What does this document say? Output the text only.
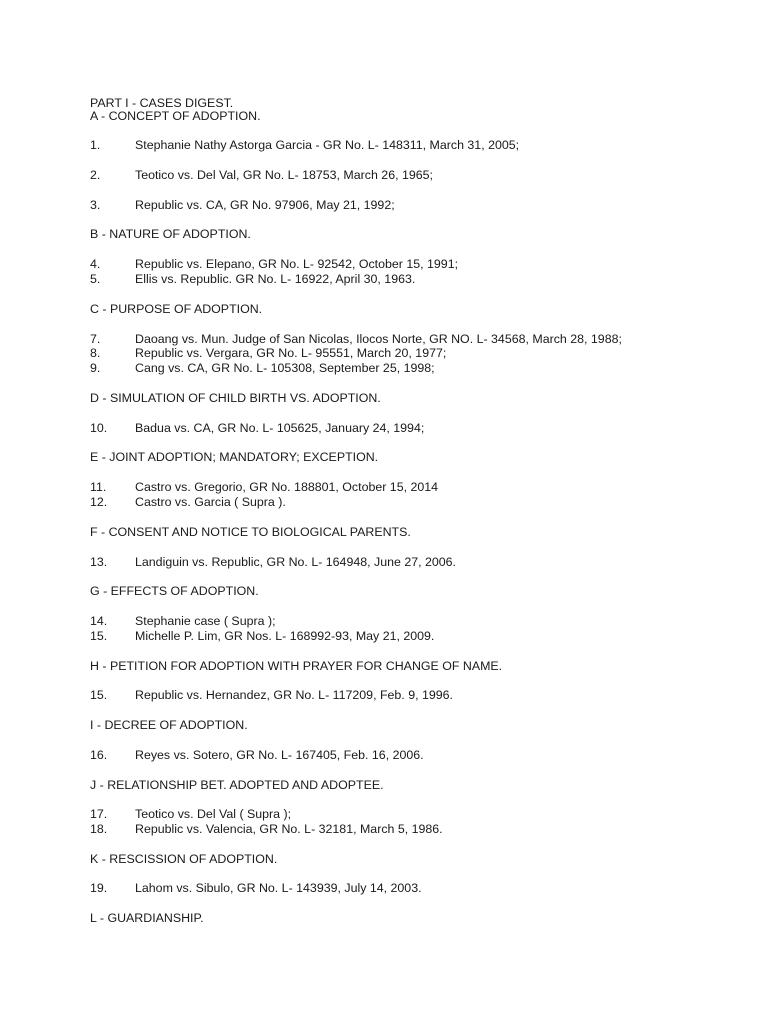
PART I - CASES DIGEST.
A - CONCEPT OF ADOPTION.
1.	Stephanie Nathy Astorga Garcia - GR No. L- 148311, March 31, 2005;
2.	Teotico vs. Del Val, GR No. L- 18753, March 26, 1965;
3.	Republic vs. CA, GR No. 97906, May 21, 1992;
B - NATURE OF ADOPTION.
4.	Republic vs. Elepano, GR No. L- 92542, October 15, 1991;
5.	Ellis vs. Republic. GR No. L- 16922, April 30, 1963.
C - PURPOSE OF ADOPTION.
7.	Daoang vs. Mun. Judge of San Nicolas, Ilocos Norte, GR NO. L- 34568, March 28, 1988;
8.	Republic vs. Vergara, GR No. L- 95551, March 20, 1977;
9.	Cang vs. CA, GR No. L- 105308, September 25, 1998;
D - SIMULATION OF CHILD BIRTH VS. ADOPTION.
10. Badua vs. CA, GR No. L- 105625, January 24, 1994;
E - JOINT ADOPTION; MANDATORY; EXCEPTION.
11. Castro vs. Gregorio, GR No. 188801, October 15, 2014
12. Castro vs. Garcia ( Supra ).
F - CONSENT AND NOTICE TO BIOLOGICAL PARENTS.
13. Landiguin vs. Republic, GR No. L- 164948, June 27, 2006.
G - EFFECTS OF ADOPTION.
14. Stephanie case ( Supra );
15. Michelle P. Lim, GR Nos. L- 168992-93, May 21, 2009.
H - PETITION FOR ADOPTION WITH PRAYER FOR CHANGE OF NAME.
15. Republic vs. Hernandez, GR No. L- 117209, Feb. 9, 1996.
I - DECREE OF ADOPTION.
16. Reyes vs. Sotero, GR No. L- 167405, Feb. 16, 2006.
J - RELATIONSHIP BET. ADOPTED AND ADOPTEE.
17. Teotico vs. Del Val ( Supra );
18. Republic vs. Valencia, GR No. L- 32181, March 5, 1986.
K - RESCISSION OF ADOPTION.
19. Lahom vs. Sibulo, GR No. L- 143939, July 14, 2003.
L - GUARDIANSHIP.
